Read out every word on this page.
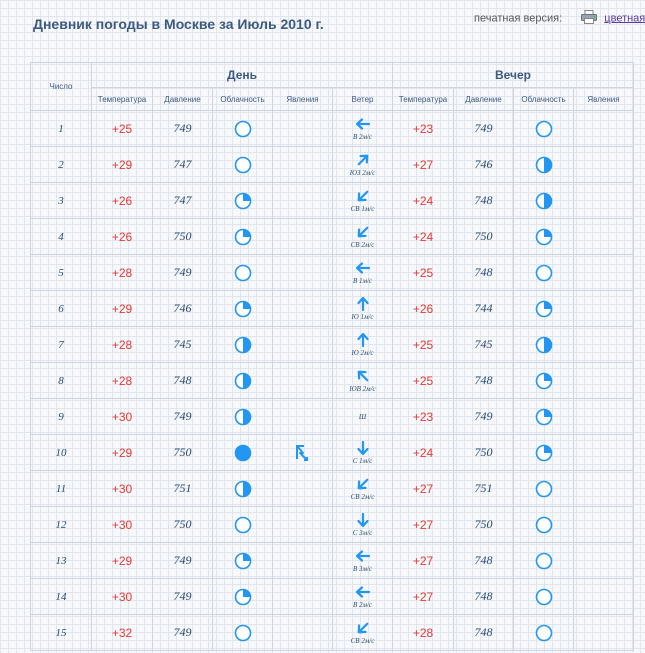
Дневник погоды в Москве за Июль 2010 г.	печатная версия:	цветная
Число	День					Вечер			
	Температура	Давление	Облачность	Явления	Ветер	Температура	Давление	Облачность	Явления
1	+25	749			В 2м/с	+23	749	

2	+29	747			ЮЗ 2м/с	+27	746	

3	+26	747			СВ 1м/с	+24	748	

4	+26	750			СВ 2м/с	+24	750	

5	+28	749			В 1м/с	+25	748	

6	+29	746			Ю 1м/с	+26	744	

7	+28	745			Ю 2м/с	+25	745	

8	+28	748			ЮВ 2м/с	+25	748	

9	+30	749			Ш	+23	749	

10	+29	750			С 1м/с	+24	750	

11	+30	751			СВ 2м/с	+27	751	

12	+30	750			С 3м/с	+27	750	

13	+29	749			В 3м/с	+27	748	

14	+30	749			В 2м/с	+27	748	

15	+32	749			СВ 2м/с	+28	748	
